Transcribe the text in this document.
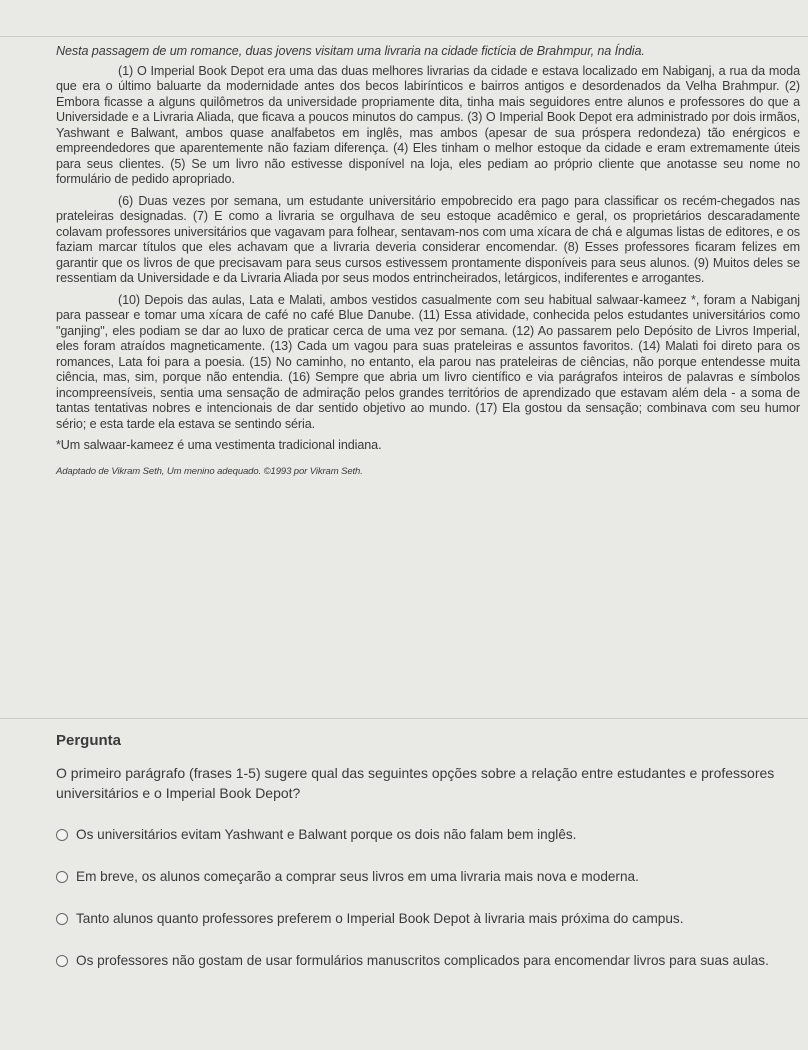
Nesta passagem de um romance, duas jovens visitam uma livraria na cidade fictícia de Brahmpur, na Índia.

(1) O Imperial Book Depot era uma das duas melhores livrarias da cidade e estava localizado em Nabiganj, a rua da moda que era o último baluarte da modernidade antes dos becos labirínticos e bairros antigos e desordenados da Velha Brahmpur. (2) Embora ficasse a alguns quilômetros da universidade propriamente dita, tinha mais seguidores entre alunos e professores do que a Universidade e a Livraria Aliada, que ficava a poucos minutos do campus. (3) O Imperial Book Depot era administrado por dois irmãos, Yashwant e Balwant, ambos quase analfabetos em inglês, mas ambos (apesar de sua próspera redondeza) tão enérgicos e empreendedores que aparentemente não faziam diferença. (4) Eles tinham o melhor estoque da cidade e eram extremamente úteis para seus clientes. (5) Se um livro não estivesse disponível na loja, eles pediam ao próprio cliente que anotasse seu nome no formulário de pedido apropriado.

(6) Duas vezes por semana, um estudante universitário empobrecido era pago para classificar os recém-chegados nas prateleiras designadas. (7) E como a livraria se orgulhava de seu estoque acadêmico e geral, os proprietários descaradamente colavam professores universitários que vagavam para folhear, sentavam-nos com uma xícara de chá e algumas listas de editores, e os faziam marcar títulos que eles achavam que a livraria deveria considerar encomendar. (8) Esses professores ficaram felizes em garantir que os livros de que precisavam para seus cursos estivessem prontamente disponíveis para seus alunos. (9) Muitos deles se ressentiam da Universidade e da Livraria Aliada por seus modos entrincheirados, letárgicos, indiferentes e arrogantes.

(10) Depois das aulas, Lata e Malati, ambos vestidos casualmente com seu habitual salwaar-kameez *, foram a Nabiganj para passear e tomar uma xícara de café no café Blue Danube. (11) Essa atividade, conhecida pelos estudantes universitários como "ganjing", eles podiam se dar ao luxo de praticar cerca de uma vez por semana. (12) Ao passarem pelo Depósito de Livros Imperial, eles foram atraídos magneticamente. (13) Cada um vagou para suas prateleiras e assuntos favoritos. (14) Malati foi direto para os romances, Lata foi para a poesia. (15) No caminho, no entanto, ela parou nas prateleiras de ciências, não porque entendesse muita ciência, mas, sim, porque não entendia. (16) Sempre que abria um livro científico e via parágrafos inteiros de palavras e símbolos incompreensíveis, sentia uma sensação de admiração pelos grandes territórios de aprendizado que estavam além dela - a soma de tantas tentativas nobres e intencionais de dar sentido objetivo ao mundo. (17) Ela gostou da sensação; combinava com seu humor sério; e esta tarde ela estava se sentindo séria.

*Um salwaar-kameez é uma vestimenta tradicional indiana.

Adaptado de Vikram Seth, Um menino adequado. ©1993 por Vikram Seth.

Pergunta
O primeiro parágrafo (frases 1-5) sugere qual das seguintes opções sobre a relação entre estudantes e professores universitários e o Imperial Book Depot?
Os universitários evitam Yashwant e Balwant porque os dois não falam bem inglês.
Em breve, os alunos começarão a comprar seus livros em uma livraria mais nova e moderna.
Tanto alunos quanto professores preferem o Imperial Book Depot à livraria mais próxima do campus.
Os professores não gostam de usar formulários manuscritos complicados para encomendar livros para suas aulas.
